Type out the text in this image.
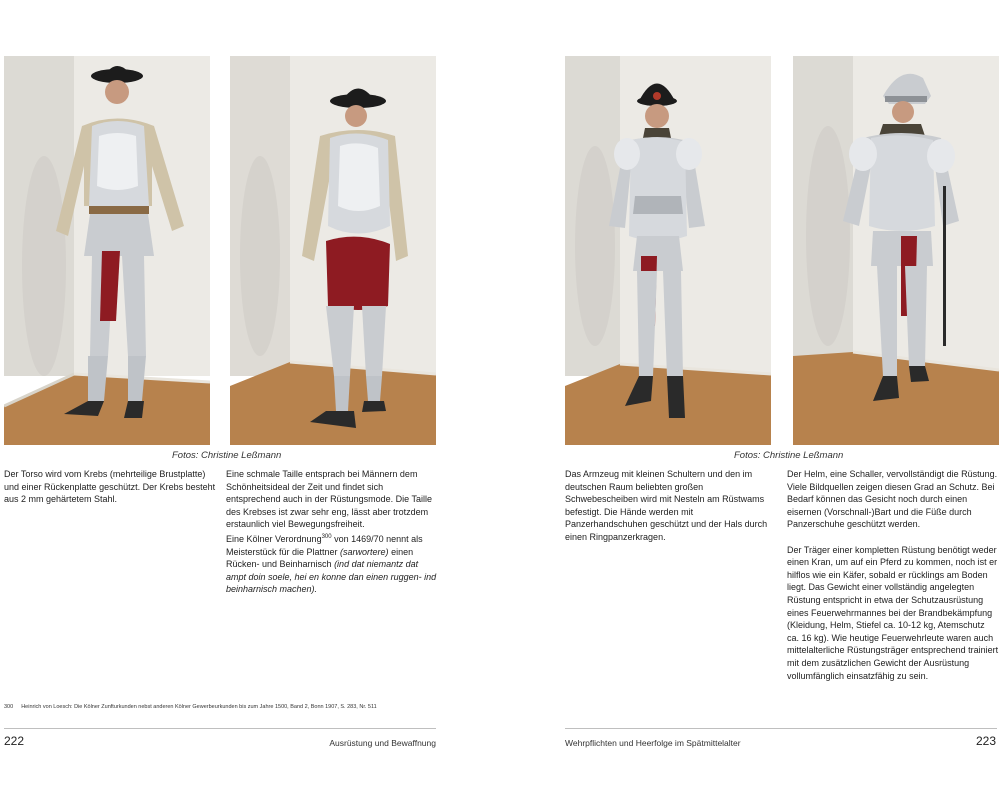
Fotos: Christine Leßmann

Der Torso wird vom Krebs (mehrteilige Brustplatte) und einer Rückenplatte geschützt. Der Krebs besteht aus 2 mm gehärtetem Stahl.

Eine schmale Taille entsprach bei Männern dem Schönheitsideal der Zeit und findet sich entsprechend auch in der Rüstungsmode. Die Taille des Krebses ist zwar sehr eng, lässt aber trotzdem erstaunlich viel Bewegungsfreiheit.

Eine Kölner Verordnung$^{300}$ von 1469/70 nennt als Meisterstück für die Plattner (sarwortere) einen Rücken- und Beinharnisch (ind dat niemantz dat ampt doin soele, hei en konne dan einen ruggen- ind beinharnisch machen).

300 Heinrich von Loesch: Die Kölner Zunfturkunden nebst anderen Kölner Gewerbeurkunden bis zum Jahre 1500, Band 2, Bonn 1907, S. 283, Nr. 511
222	Ausrüstung und Bewaffnung
Fotos: Christine Leßmann

Das Armzeug mit kleinen Schultern und den im deutschen Raum beliebten großen Schwebescheiben wird mit Nesteln am Rüstwams befestigt. Die Hände werden mit Panzerhandschuhen geschützt und der Hals durch einen Ringpanzerkragen.

Der Helm, eine Schaller, vervollständigt die Rüstung. Viele Bildquellen zeigen diesen Grad an Schutz. Bei Bedarf können das Gesicht noch durch einen eisernen (Vorschnall-)Bart und die Füße durch Panzerschuhe geschützt werden.

Der Träger einer kompletten Rüstung benötigt weder einen Kran, um auf ein Pferd zu kommen, noch ist er hilflos wie ein Käfer, sobald er rücklings am Boden liegt. Das Gewicht einer vollständig angelegten Rüstung entspricht in etwa der Schutzausrüstung eines Feuerwehrmannes bei der Brandbekämpfung (Kleidung, Helm, Stiefel ca. 10-12 kg, Atemschutz ca. 16 kg). Wie heutige Feuerwehrleute waren auch mittelalterliche Rüstungsträger entsprechend trainiert mit dem zusätzlichen Gewicht der Ausrüstung vollumfänglich einsatzfähig zu sein.

Wehrpflichten und Heerfolge im Spätmittelalter	223
